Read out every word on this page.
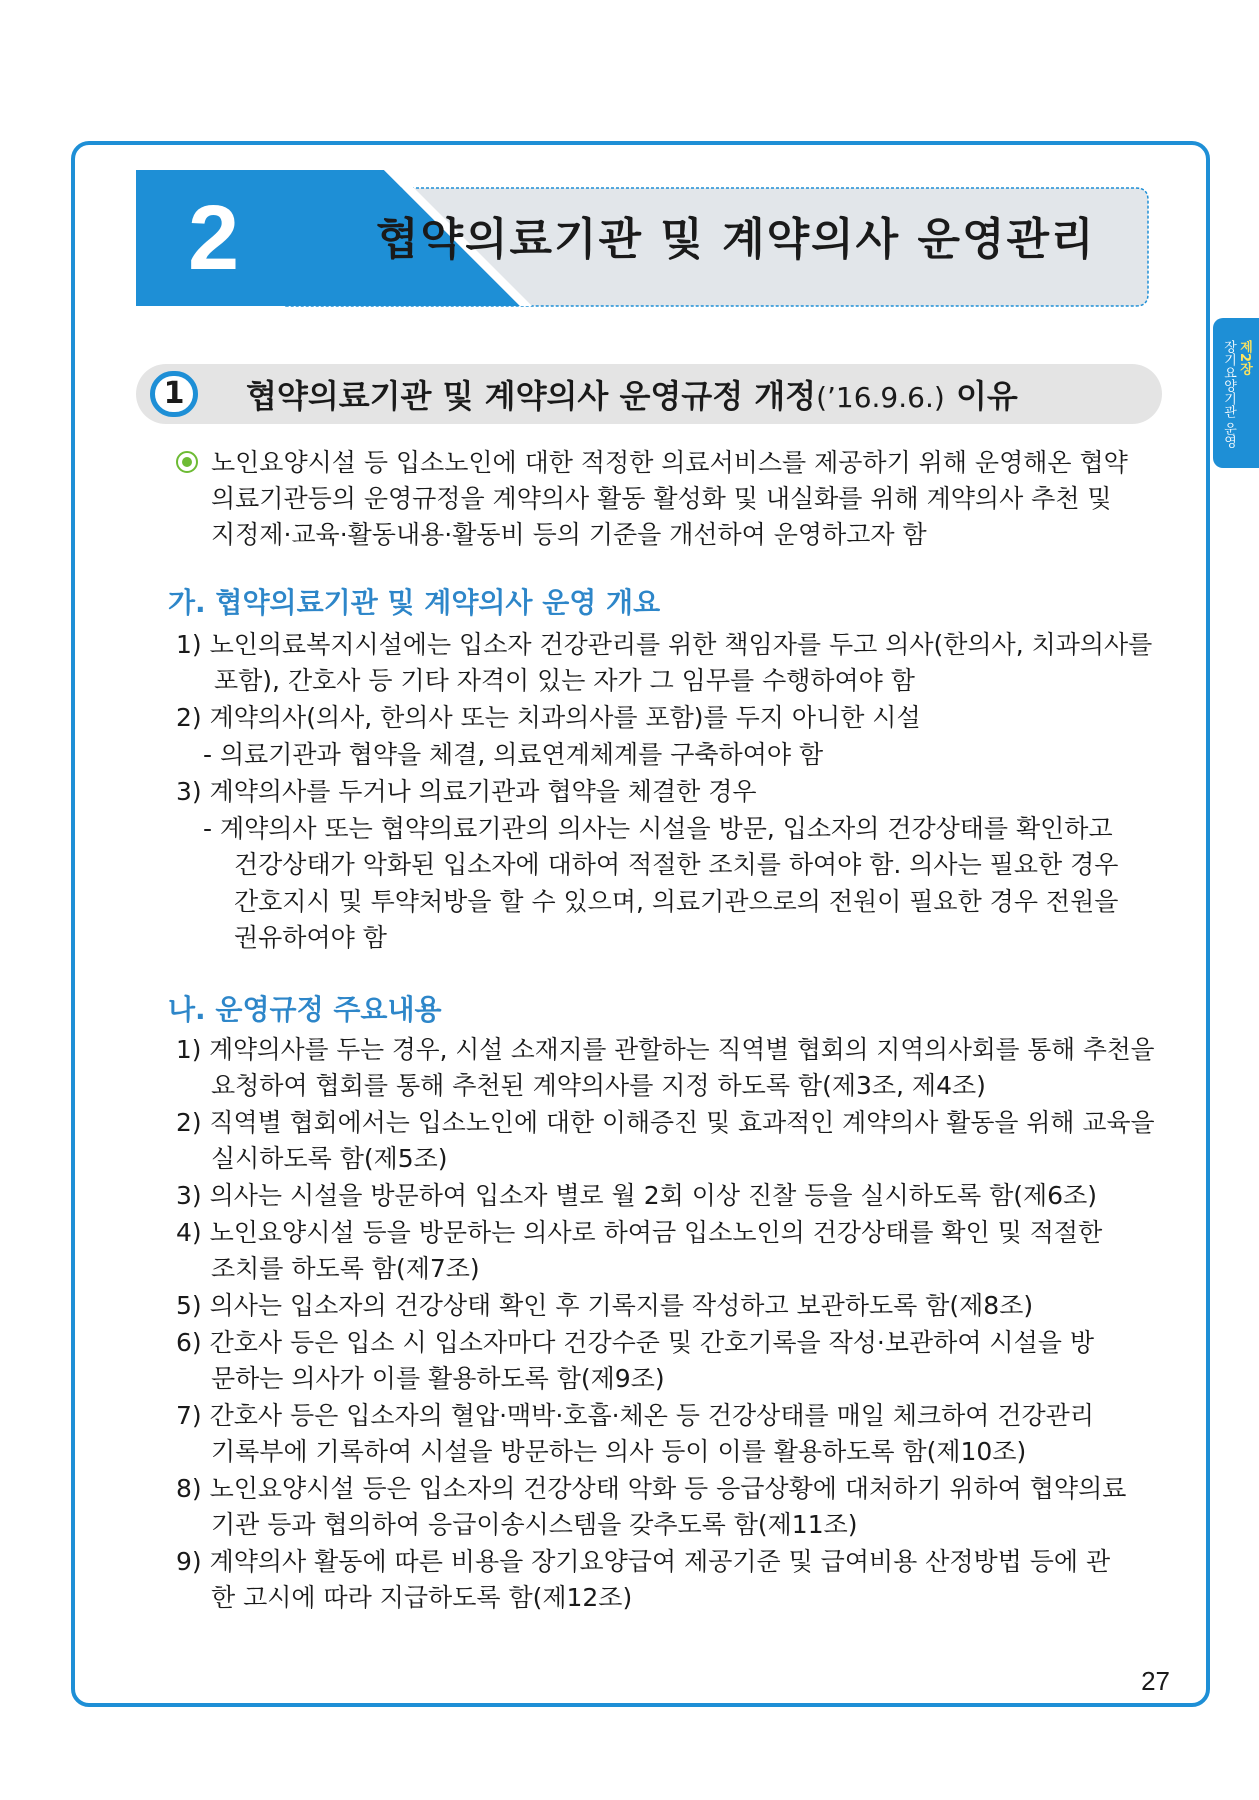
제2장
장기요양기관 운영
2	협약의료기관 및 계약의사 운영관리
1	협약의료기관 및 계약의사 운영규정 개정(’16.9.6.) 이유
노인요양시설 등 입소노인에 대한 적정한 의료서비스를 제공하기 위해 운영해온 협약
의료기관등의 운영규정을 계약의사 활동 활성화 및 내실화를 위해 계약의사 추천 및
지정제·교육·활동내용·활동비 등의 기준을 개선하여 운영하고자 함
가. 협약의료기관 및 계약의사 운영 개요
1) 노인의료복지시설에는 입소자 건강관리를 위한 책임자를 두고 의사(한의사, 치과의사를
포함), 간호사 등 기타 자격이 있는 자가 그 임무를 수행하여야 함
2) 계약의사(의사, 한의사 또는 치과의사를 포함)를 두지 아니한 시설
- 의료기관과 협약을 체결, 의료연계체계를 구축하여야 함
3) 계약의사를 두거나 의료기관과 협약을 체결한 경우
- 계약의사 또는 협약의료기관의 의사는 시설을 방문, 입소자의 건강상태를 확인하고
건강상태가 악화된 입소자에 대하여 적절한 조치를 하여야 함. 의사는 필요한 경우
간호지시 및 투약처방을 할 수 있으며, 의료기관으로의 전원이 필요한 경우 전원을
권유하여야 함
나. 운영규정 주요내용
1) 계약의사를 두는 경우, 시설 소재지를 관할하는 직역별 협회의 지역의사회를 통해 추천을
요청하여 협회를 통해 추천된 계약의사를 지정 하도록 함(제3조, 제4조)
2) 직역별 협회에서는 입소노인에 대한 이해증진 및 효과적인 계약의사 활동을 위해 교육을
실시하도록 함(제5조)
3) 의사는 시설을 방문하여 입소자 별로 월 2회 이상 진찰 등을 실시하도록 함(제6조)
4) 노인요양시설 등을 방문하는 의사로 하여금 입소노인의 건강상태를 확인 및 적절한
조치를 하도록 함(제7조)
5) 의사는 입소자의 건강상태 확인 후 기록지를 작성하고 보관하도록 함(제8조)
6) 간호사 등은 입소 시 입소자마다 건강수준 및 간호기록을 작성·보관하여 시설을 방
문하는 의사가 이를 활용하도록 함(제9조)
7) 간호사 등은 입소자의 혈압·맥박·호흡·체온 등 건강상태를 매일 체크하여 건강관리
기록부에 기록하여 시설을 방문하는 의사 등이 이를 활용하도록 함(제10조)
8) 노인요양시설 등은 입소자의 건강상태 악화 등 응급상황에 대처하기 위하여 협약의료
기관 등과 협의하여 응급이송시스템을 갖추도록 함(제11조)
9) 계약의사 활동에 따른 비용을 장기요양급여 제공기준 및 급여비용 산정방법 등에 관
한 고시에 따라 지급하도록 함(제12조)
27
